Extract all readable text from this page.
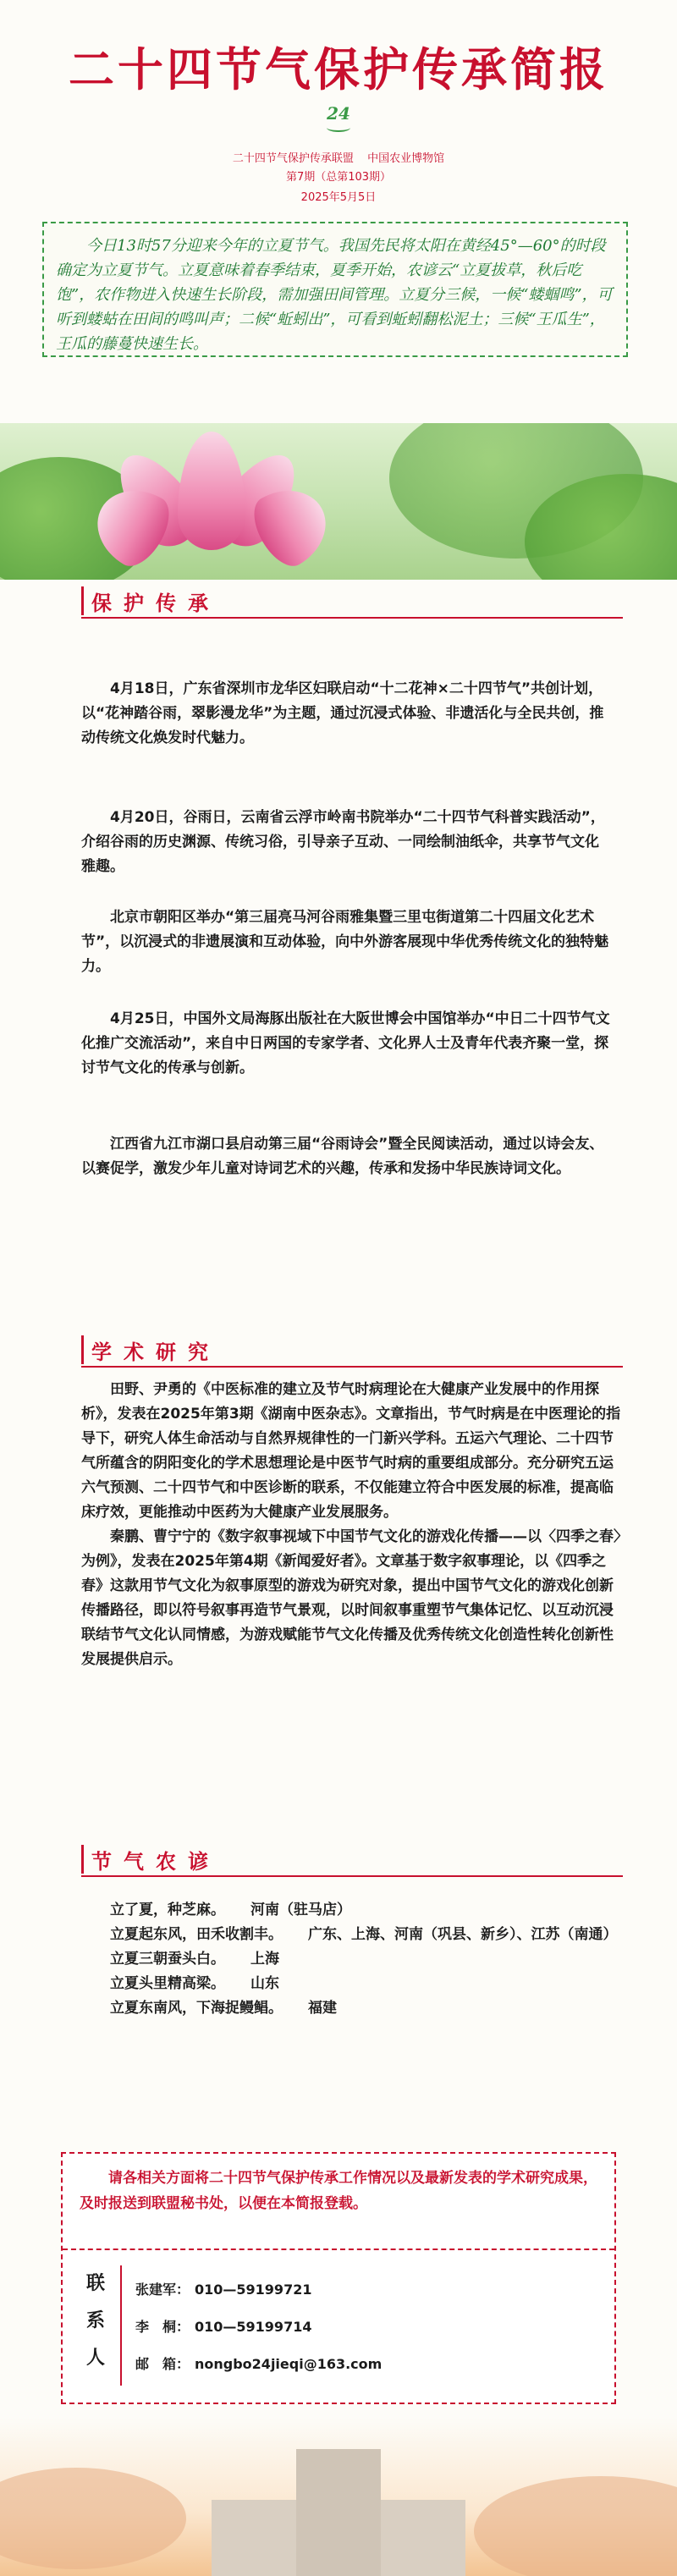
二十四节气保护传承简报
24
二十四节气保护传承联盟 中国农业博物馆
第7期（总第103期）
2025年5月5日
今日13时57分迎来今年的立夏节气。我国先民将太阳在黄经45°—60°的时段确定为立夏节气。立夏意味着春季结束，夏季开始，农谚云“立夏拔草，秋后吃饱”，农作物进入快速生长阶段，需加强田间管理。立夏分三候，一候“蝼蝈鸣”，可听到蝼蛄在田间的鸣叫声；二候“蚯蚓出”，可看到蚯蚓翻松泥土；三候“王瓜生”，王瓜的藤蔓快速生长。
保护传承
4月18日，广东省深圳市龙华区妇联启动“十二花神×二十四节气”共创计划，以“花神踏谷雨，翠影漫龙华”为主题，通过沉浸式体验、非遗活化与全民共创，推动传统文化焕发时代魅力。
4月20日，谷雨日，云南省云浮市岭南书院举办“二十四节气科普实践活动”，介绍谷雨的历史渊源、传统习俗，引导亲子互动、一同绘制油纸伞，共享节气文化雅趣。
北京市朝阳区举办“第三届亮马河谷雨雅集暨三里屯街道第二十四届文化艺术节”，以沉浸式的非遗展演和互动体验，向中外游客展现中华优秀传统文化的独特魅力。
4月25日，中国外文局海豚出版社在大阪世博会中国馆举办“中日二十四节气文化推广交流活动”，来自中日两国的专家学者、文化界人士及青年代表齐聚一堂，探讨节气文化的传承与创新。
江西省九江市湖口县启动第三届“谷雨诗会”暨全民阅读活动，通过以诗会友、以赛促学，激发少年儿童对诗词艺术的兴趣，传承和发扬中华民族诗词文化。
学术研究

田野、尹勇的《中医标准的建立及节气时病理论在大健康产业发展中的作用探析》，发表在2025年第3期《湖南中医杂志》。文章指出，节气时病是在中医理论的指导下，研究人体生命活动与自然界规律性的一门新兴学科。五运六气理论、二十四节气所蕴含的阴阳变化的学术思想理论是中医节气时病的重要组成部分。充分研究五运六气预测、二十四节气和中医诊断的联系，不仅能建立符合中医发展的标准，提高临床疗效，更能推动中医药为大健康产业发展服务。

秦鹏、曹宁宁的《数字叙事视域下中国节气文化的游戏化传播——以〈四季之春〉为例》，发表在2025年第4期《新闻爱好者》。文章基于数字叙事理论，以《四季之春》这款用节气文化为叙事原型的游戏为研究对象，提出中国节气文化的游戏化创新传播路径，即以符号叙事再造节气景观，以时间叙事重塑节气集体记忆、以互动沉浸联结节气文化认同情感，为游戏赋能节气文化传播及优秀传统文化创造性转化创新性发展提供启示。

节气农谚
立了夏，种芝麻。 河南（驻马店）
立夏起东风，田禾收割丰。 广东、上海、河南（巩县、新乡）、江苏（南通）
立夏三朝蚕头白。 上海
立夏头里精高梁。 山东
立夏东南风，下海捉鳗鲳。 福建
请各相关方面将二十四节气保护传承工作情况以及最新发表的学术研究成果，及时报送到联盟秘书处，以便在本简报登载。
联系人
张建军： 010—59199721
李　桐： 010—59199714
邮　箱： nongbo24jieqi@163.com
